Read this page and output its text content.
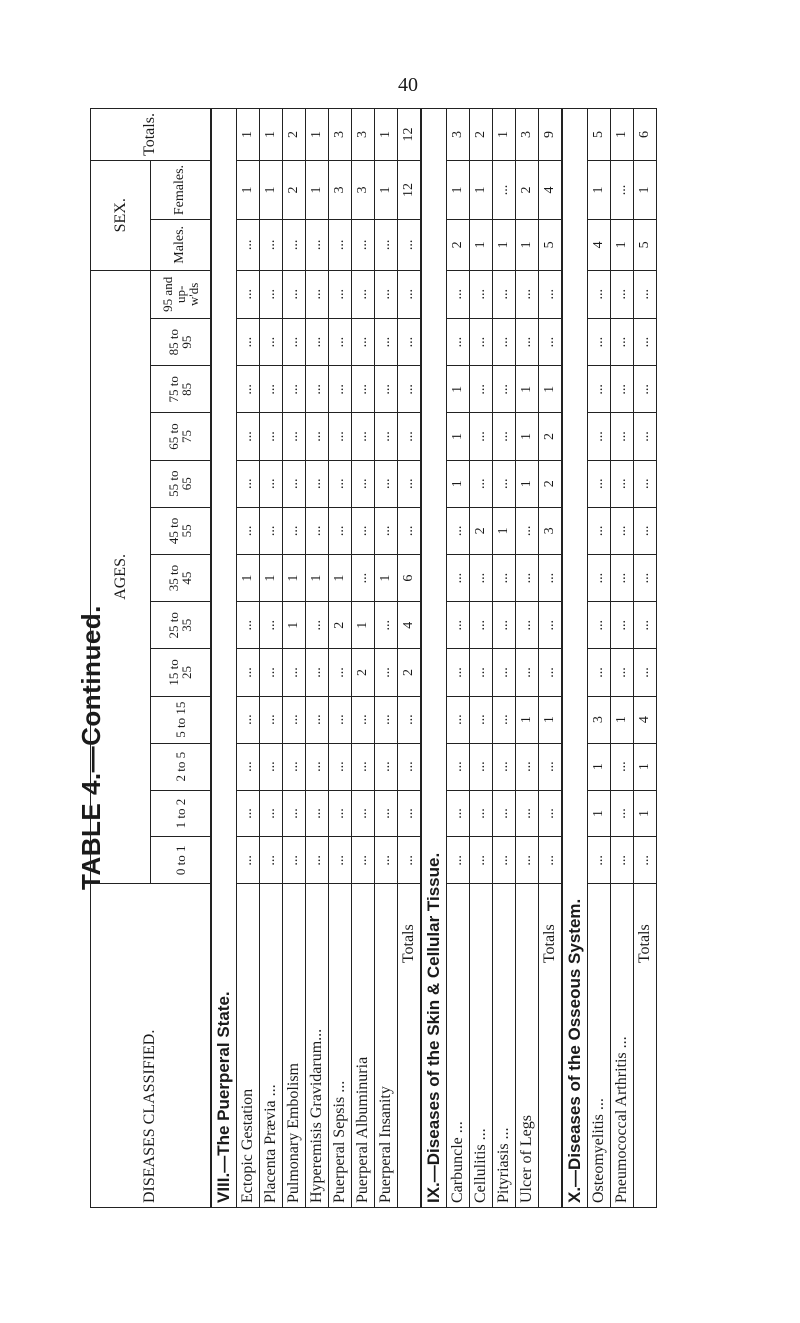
40
TABLE 4.—Continued.
DISEASES CLASSIFIED.	AGES.													SEX.		Totals.
	0 to 1	1 to 2	2 to 5	5 to 15	15 to 25	25 to 35	35 to 45	45 to 55	55 to 65	65 to 75	75 to 85	85 to 95	95 and up-w'ds	Males.	Females.	
VIII.—The Puerperal State.																
Ectopic Gestation	...	...	...	...	...	...	1	...	...	...	...	...	...	...	1	1
Placenta Prævia ...	...	...	...	...	...	...	1	...	...	...	...	...	...	...	1	1
Pulmonary Embolism	...	...	...	...	...	1	1	...	...	...	...	...	...	...	2	2
Hyperemisis Gravidarum...	...	...	...	...	...	...	1	...	...	...	...	...	...	...	1	1
Puerperal Sepsis ...	...	...	...	...	...	2	1	...	...	...	...	...	...	...	3	3
Puerperal Albuminuria	...	...	...	...	2	1	...	...	...	...	...	...	...	...	3	3
Puerperal Insanity	...	...	...	...	...	...	1	...	...	...	...	...	...	...	1	1
Totals	...	...	...	...	2	4	6	...	...	...	...	...	...	...	12	12
IX.—Diseases of the Skin & Cellular Tissue.																
Carbuncle ...	...	...	...	...	...	...	...	...	1	1	1	...	...	2	1	3
Cellulitis ...	...	...	...	...	...	...	...	2	...	...	...	...	...	1	1	2
Pityriasis ...	...	...	...	...	...	...	...	1	...	...	...	...	...	1	...	1
Ulcer of Legs	...	...	...	1	...	...	...	...	1	1	1	...	...	1	2	3
Totals	...	...	...	1	...	...	...	3	2	2	1	...	...	5	4	9
X.—Diseases of the Osseous System.																
Osteomyelitis ...	...	1	1	3	...	...	...	...	...	...	...	...	...	4	1	5
Pneumococcal Arthritis ...	...	...	...	1	...	...	...	...	...	...	...	...	...	1	...	1
Totals	...	1	1	4	...	...	...	...	...	...	...	...	...	5	1	6
